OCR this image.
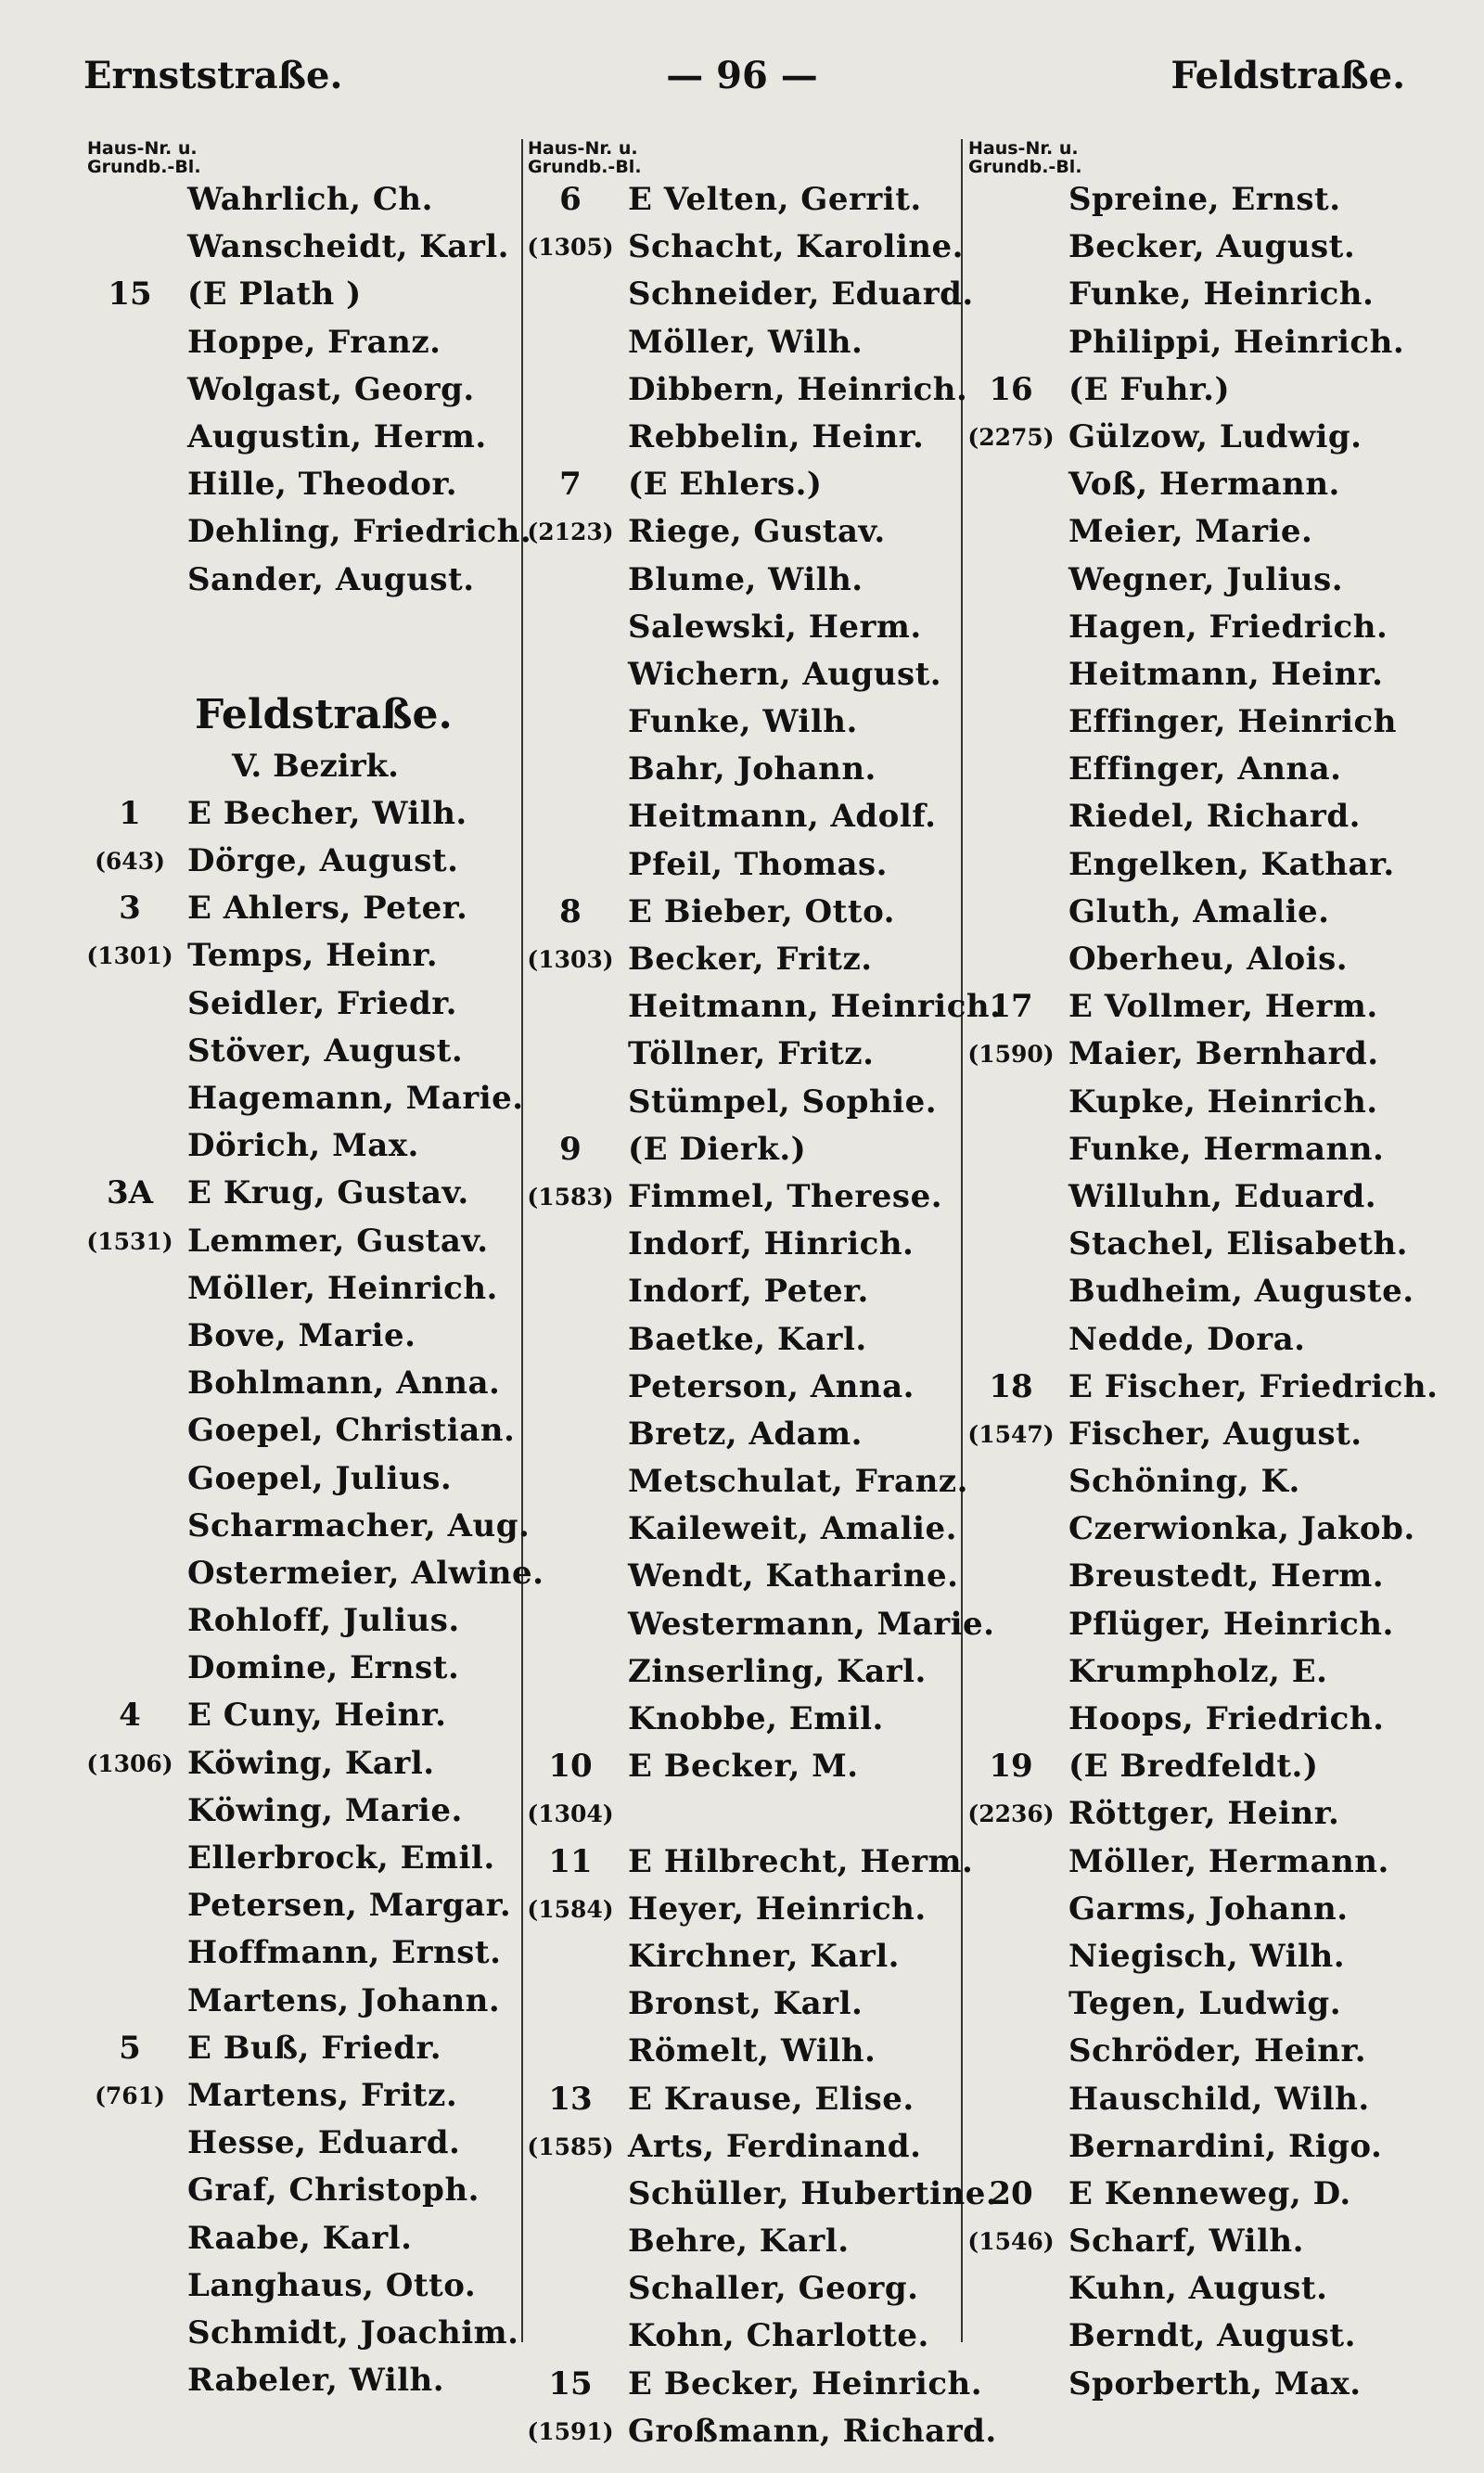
Ernststraße.	— 96 —	Feldstraße.
Haus-Nr. u.
Grundb.-Bl.
Wahrlich, Ch.
Wanscheidt, Karl.
15	(E Plath )
Hoppe, Franz.
Wolgast, Georg.
Augustin, Herm.
Hille, Theodor.
Dehling, Friedrich.
Sander, August.
Feldstraße.
V. Bezirk.
1	E Becher, Wilh.
(643) Dörge, August.
3	E Ahlers, Peter.
(1301) Temps, Heinr.
Seidler, Friedr.
Stöver, August.
Hagemann, Marie.
Dörich, Max.
3A	E Krug, Gustav.
(1531) Lemmer, Gustav.
Möller, Heinrich.
Bove, Marie.
Bohlmann, Anna.
Goepel, Christian.
Goepel, Julius.
Scharmacher, Aug.
Ostermeier, Alwine.
Rohloff, Julius.
Domine, Ernst.
4	E Cuny, Heinr.
(1306) Köwing, Karl.
Köwing, Marie.
Ellerbrock, Emil.
Petersen, Margar.
Hoffmann, Ernst.
Martens, Johann.
5	E Buß, Friedr.
(761) Martens, Fritz.
Hesse, Eduard.
Graf, Christoph.
Raabe, Karl.
Langhaus, Otto.
Schmidt, Joachim.
Rabeler, Wilh.
Haus-Nr. u.
Grundb.-Bl.
6	E Velten, Gerrit.
(1305) Schacht, Karoline.
Schneider, Eduard.
Möller, Wilh.
Dibbern, Heinrich.
Rebbelin, Heinr.
7	(E Ehlers.)
(2123) Riege, Gustav.
Blume, Wilh.
Salewski, Herm.
Wichern, August.
Funke, Wilh.
Bahr, Johann.
Heitmann, Adolf.
Pfeil, Thomas.
8	E Bieber, Otto.
(1303) Becker, Fritz.
Heitmann, Heinrich.
Töllner, Fritz.
Stümpel, Sophie.
9	(E Dierk.)
(1583) Fimmel, Therese.
Indorf, Hinrich.
Indorf, Peter.
Baetke, Karl.
Peterson, Anna.
Bretz, Adam.
Metschulat, Franz.
Kaileweit, Amalie.
Wendt, Katharine.
Westermann, Marie.
Zinserling, Karl.
Knobbe, Emil.
10	E Becker, M.
(1304)
11	E Hilbrecht, Herm.
(1584) Heyer, Heinrich.
Kirchner, Karl.
Bronst, Karl.
Römelt, Wilh.
13	E Krause, Elise.
(1585) Arts, Ferdinand.
Schüller, Hubertine.
Behre, Karl.
Schaller, Georg.
Kohn, Charlotte.
15	E Becker, Heinrich.
(1591) Großmann, Richard.
Haus-Nr. u.
Grundb.-Bl.
Spreine, Ernst.
Becker, August.
Funke, Heinrich.
Philippi, Heinrich.
16	(E Fuhr.)
(2275) Gülzow, Ludwig.
Voß, Hermann.
Meier, Marie.
Wegner, Julius.
Hagen, Friedrich.
Heitmann, Heinr.
Effinger, Heinrich
Effinger, Anna.
Riedel, Richard.
Engelken, Kathar.
Gluth, Amalie.
Oberheu, Alois.
17	E Vollmer, Herm.
(1590) Maier, Bernhard.
Kupke, Heinrich.
Funke, Hermann.
Willuhn, Eduard.
Stachel, Elisabeth.
Budheim, Auguste.
Nedde, Dora.
18	E Fischer, Friedrich.
(1547) Fischer, August.
Schöning, K.
Czerwionka, Jakob.
Breustedt, Herm.
Pflüger, Heinrich.
Krumpholz, E.
Hoops, Friedrich.
19	(E Bredfeldt.)
(2236) Röttger, Heinr.
Möller, Hermann.
Garms, Johann.
Niegisch, Wilh.
Tegen, Ludwig.
Schröder, Heinr.
Hauschild, Wilh.
Bernardini, Rigo.
20	E Kenneweg, D.
(1546) Scharf, Wilh.
Kuhn, August.
Berndt, August.
Sporberth, Max.
